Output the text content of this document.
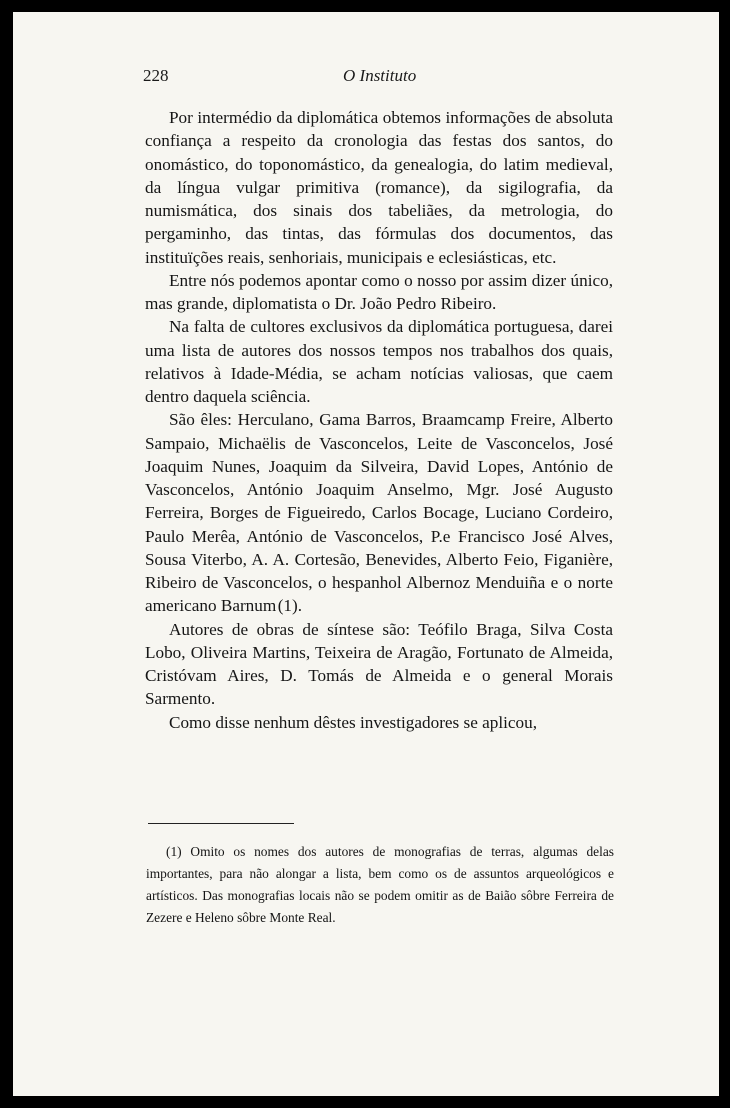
228	O Instituto

Por intermédio da diplomática obtemos informações de absoluta confiança a respeito da cronologia das festas dos santos, do onomástico, do toponomástico, da genealogia, do latim medieval, da língua vulgar primitiva (romance), da sigilografia, da numismática, dos sinais dos tabeliães, da metrologia, do pergaminho, das tintas, das fórmulas dos documentos, das instituïções reais, senhoriais, municipais e eclesiásticas, etc.

Entre nós podemos apontar como o nosso por assim dizer único, mas grande, diplomatista o Dr. João Pedro Ribeiro.

Na falta de cultores exclusivos da diplomática portuguesa, darei uma lista de autores dos nossos tempos nos trabalhos dos quais, relativos à Idade-Média, se acham notícias valiosas, que caem dentro daquela sciência.

São êles: Herculano, Gama Barros, Braamcamp Freire, Alberto Sampaio, Michaëlis de Vasconcelos, Leite de Vasconcelos, José Joaquim Nunes, Joaquim da Silveira, David Lopes, António de Vasconcelos, António Joaquim Anselmo, Mgr. José Augusto Ferreira, Borges de Figueiredo, Carlos Bocage, Luciano Cordeiro, Paulo Merêa, António de Vasconcelos, P.e Francisco José Alves, Sousa Viterbo, A. A. Cortesão, Benevides, Alberto Feio, Figanière, Ribeiro de Vasconcelos, o hespanhol Albernoz Menduiña e o norte americano Barnum (1).

Autores de obras de síntese são: Teófilo Braga, Silva Costa Lobo, Oliveira Martins, Teixeira de Aragão, Fortunato de Almeida, Cristóvam Aires, D. Tomás de Almeida e o general Morais Sarmento.

Como disse nenhum dêstes investigadores se aplicou,

(1) Omito os nomes dos autores de monografias de terras, algumas delas importantes, para não alongar a lista, bem como os de assuntos arqueológicos e artísticos. Das monografias locais não se podem omitir as de Baião sôbre Ferreira de Zezere e Heleno sôbre Monte Real.
